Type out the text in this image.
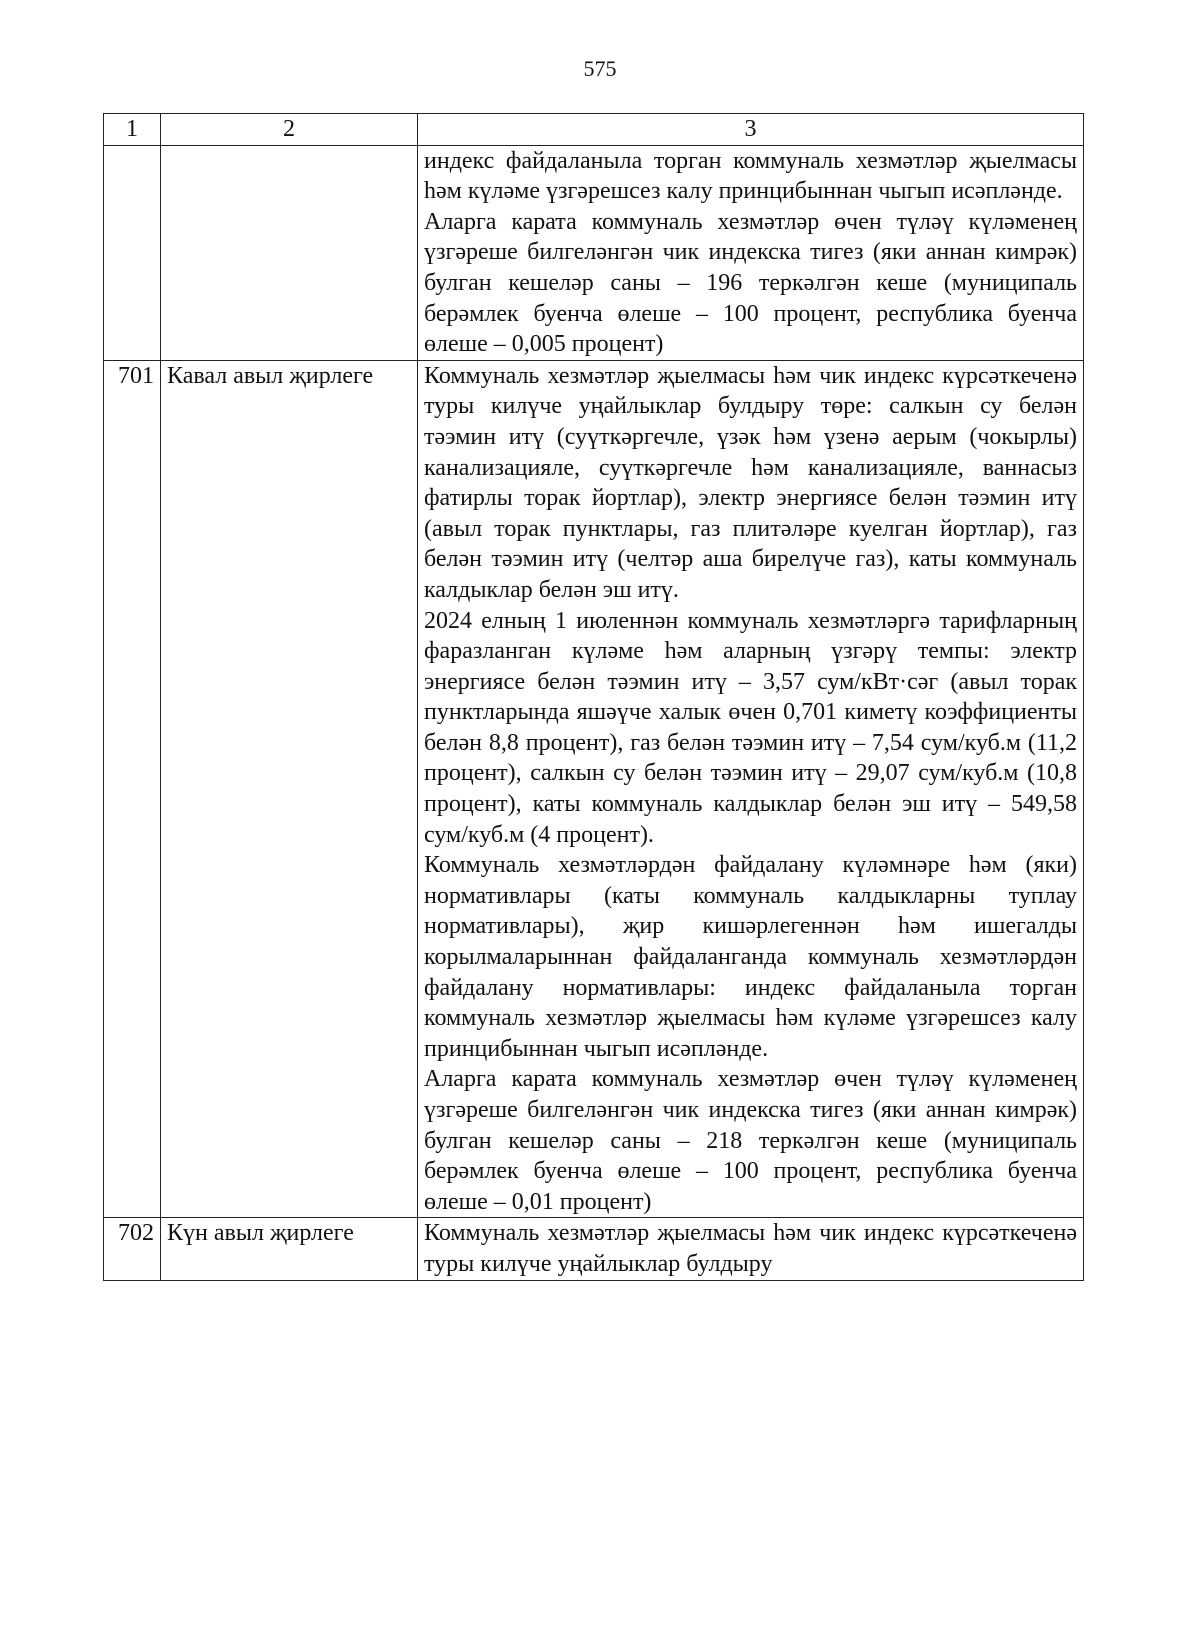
575
1	2	3

		индекс файдаланыла торган коммуналь хезмәтләр җыелмасы һәм күләме үзгәрешсез калу принцибыннан чыгып исәпләнде.

Аларга карата коммуналь хезмәтләр өчен түләү күләменең үзгәреше билгеләнгән чик индекска тигез (яки аннан кимрәк) булган кешеләр саны – 196 теркәлгән кеше (муниципаль берәмлек буенча өлеше – 100 процент, республика буенча өлеше – 0,005 процент)

701	Кавал авыл җирлеге	Коммуналь хезмәтләр җыелмасы һәм чик индекс күрсәткеченә туры килүче уңайлыклар булдыру төре: салкын су белән тәэмин итү (суүткәргечле, үзәк һәм үзенә аерым (чокырлы) канализацияле, суүткәргечле һәм канализацияле, ваннасыз фатирлы торак йортлар), электр энергиясе белән тәэмин итү (авыл торак пунктлары, газ плитәләре куелган йортлар), газ белән тәэмин итү (челтәр аша бирелүче газ), каты коммуналь калдыклар белән эш итү.

2024 елның 1 июленнән коммуналь хезмәтләргә тарифларның фаразланган күләме һәм аларның үзгәрү темпы: электр энергиясе белән тәэмин итү – 3,57 сум/кВт·сәг (авыл торак пунктларында яшәүче халык өчен 0,701 киметү коэффициенты белән 8,8 процент), газ белән тәэмин итү – 7,54 сум/куб.м (11,2 процент), салкын су белән тәэмин итү – 29,07 сум/куб.м (10,8 процент), каты коммуналь калдыклар белән эш итү – 549,58 сум/куб.м (4 процент).

Коммуналь хезмәтләрдән файдалану күләмнәре һәм (яки) нормативлары (каты коммуналь калдыкларны туплау нормативлары), җир кишәрлегеннән һәм ишегалды корылмаларыннан файдаланганда коммуналь хезмәтләрдән файдалану нормативлары: индекс файдаланыла торган коммуналь хезмәтләр җыелмасы һәм күләме үзгәрешсез калу принцибыннан чыгып исәпләнде.

Аларга карата коммуналь хезмәтләр өчен түләү күләменең үзгәреше билгеләнгән чик индекска тигез (яки аннан кимрәк) булган кешеләр саны – 218 теркәлгән кеше (муниципаль берәмлек буенча өлеше – 100 процент, республика буенча өлеше – 0,01 процент)

702	Күн авыл җирлеге	Коммуналь хезмәтләр җыелмасы һәм чик индекс күрсәткеченә туры килүче уңайлыклар булдыру
